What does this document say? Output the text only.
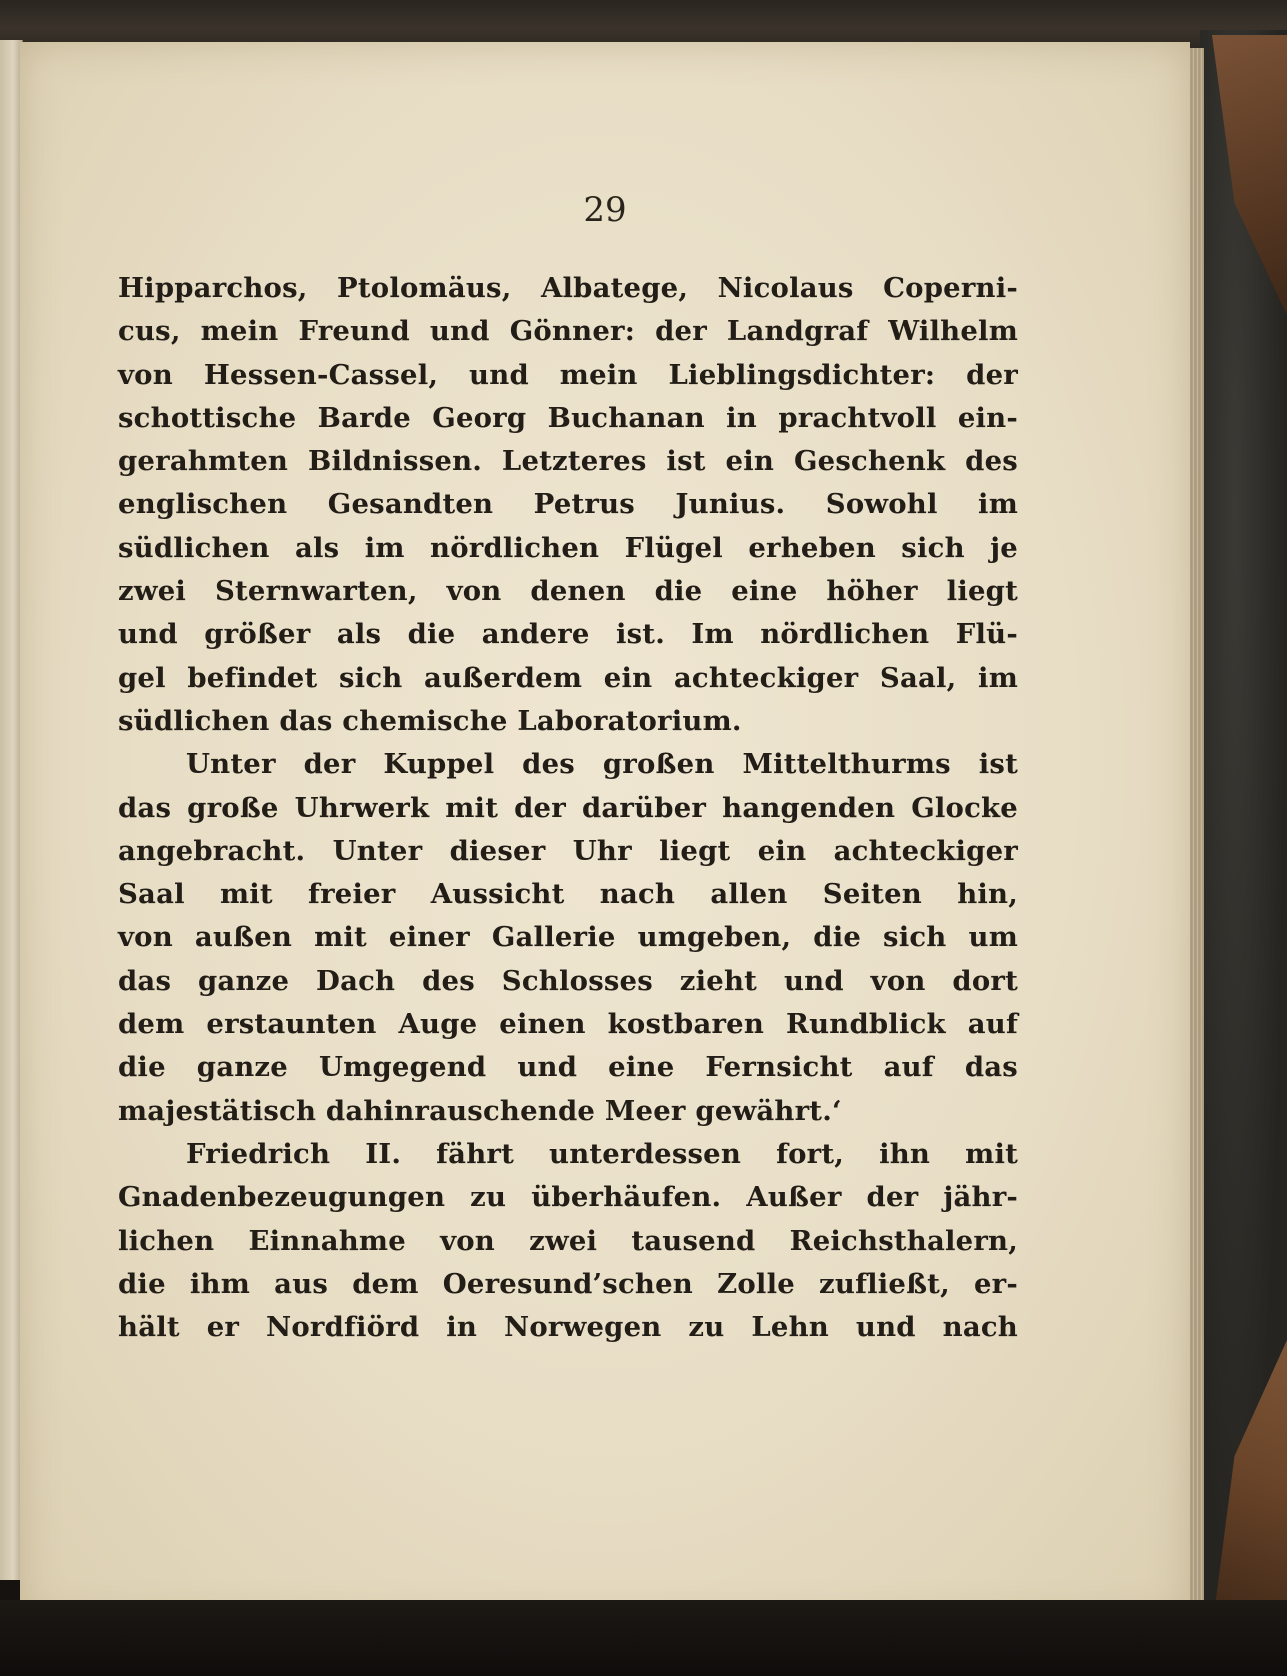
29

Hipparchos, Ptolomäus, Albatege, Nicolaus Coperni-
cus, mein Freund und Gönner: der Landgraf Wilhelm
von Hessen-Cassel, und mein Lieblingsdichter: der
schottische Barde Georg Buchanan in prachtvoll ein-
gerahmten Bildnissen. Letzteres ist ein Geschenk des
englischen Gesandten Petrus Junius. Sowohl im
südlichen als im nördlichen Flügel erheben sich je
zwei Sternwarten, von denen die eine höher liegt
und größer als die andere ist. Im nördlichen Flü-
gel befindet sich außerdem ein achteckiger Saal, im
südlichen das chemische Laboratorium.
Unter der Kuppel des großen Mittelthurms ist
das große Uhrwerk mit der darüber hangenden Glocke
angebracht. Unter dieser Uhr liegt ein achteckiger
Saal mit freier Aussicht nach allen Seiten hin,
von außen mit einer Gallerie umgeben, die sich um
das ganze Dach des Schlosses zieht und von dort
dem erstaunten Auge einen kostbaren Rundblick auf
die ganze Umgegend und eine Fernsicht auf das
majestätisch dahinrauschende Meer gewährt.‘
Friedrich II. fährt unterdessen fort, ihn mit
Gnadenbezeugungen zu überhäufen. Außer der jähr-
lichen Einnahme von zwei tausend Reichsthalern,
die ihm aus dem Oeresund’schen Zolle zufließt, er-
hält er Nordfiörd in Norwegen zu Lehn und nach
